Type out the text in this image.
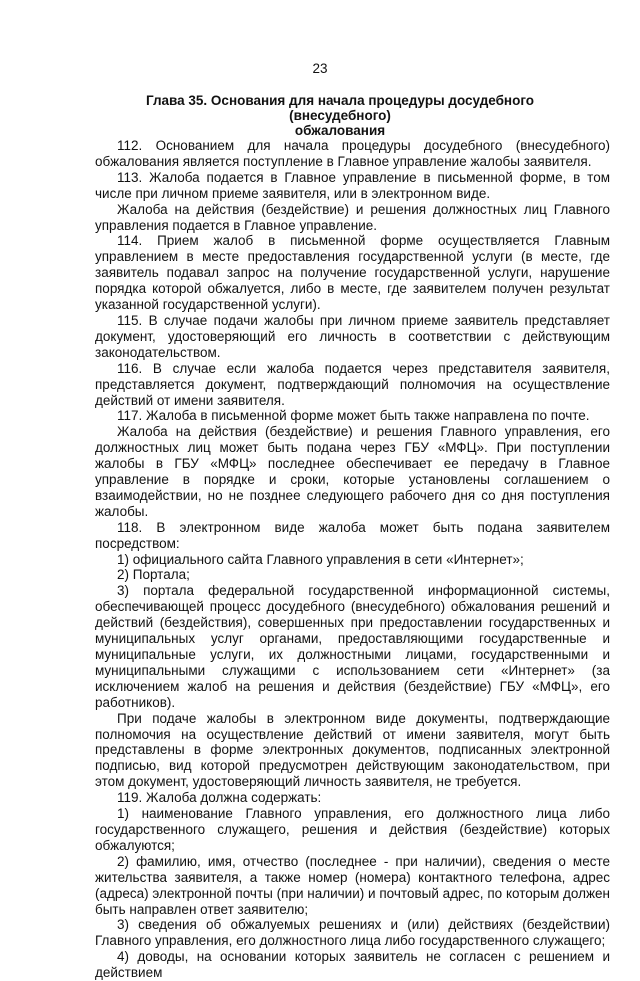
23
Глава 35. Основания для начала процедуры досудебного (внесудебного)
обжалования

112. Основанием для начала процедуры досудебного (внесудебного) обжалования является поступление в Главное управление жалобы заявителя.

113. Жалоба подается в Главное управление в письменной форме, в том числе при личном приеме заявителя, или в электронном виде.

Жалоба на действия (бездействие) и решения должностных лиц Главного управления подается в Главное управление.

114. Прием жалоб в письменной форме осуществляется Главным управлением в месте предоставления государственной услуги (в месте, где заявитель подавал запрос на получение государственной услуги, нарушение порядка которой обжалуется, либо в месте, где заявителем получен результат указанной государственной услуги).

115. В случае подачи жалобы при личном приеме заявитель представляет документ, удостоверяющий его личность в соответствии с действующим законодательством.

116. В случае если жалоба подается через представителя заявителя, представляется документ, подтверждающий полномочия на осуществление действий от имени заявителя.

117. Жалоба в письменной форме может быть также направлена по почте.

Жалоба на действия (бездействие) и решения Главного управления, его должностных лиц может быть подана через ГБУ «МФЦ». При поступлении жалобы в ГБУ «МФЦ» последнее обеспечивает ее передачу в Главное управление в порядке и сроки, которые установлены соглашением о взаимодействии, но не позднее следующего рабочего дня со дня поступления жалобы.

118. В электронном виде жалоба может быть подана заявителем посредством:

1) официального сайта Главного управления в сети «Интернет»;

2) Портала;

3) портала федеральной государственной информационной системы, обеспечивающей процесс досудебного (внесудебного) обжалования решений и действий (бездействия), совершенных при предоставлении государственных и муниципальных услуг органами, предоставляющими государственные и муниципальные услуги, их должностными лицами, государственными и муниципальными служащими с использованием сети «Интернет» (за исключением жалоб на решения и действия (бездействие) ГБУ «МФЦ», его работников).

При подаче жалобы в электронном виде документы, подтверждающие полномочия на осуществление действий от имени заявителя, могут быть представлены в форме электронных документов, подписанных электронной подписью, вид которой предусмотрен действующим законодательством, при этом документ, удостоверяющий личность заявителя, не требуется.

119. Жалоба должна содержать:

1) наименование Главного управления, его должностного лица либо государственного служащего, решения и действия (бездействие) которых обжалуются;

2) фамилию, имя, отчество (последнее - при наличии), сведения о месте жительства заявителя, а также номер (номера) контактного телефона, адрес (адреса) электронной почты (при наличии) и почтовый адрес, по которым должен быть направлен ответ заявителю;

3) сведения об обжалуемых решениях и (или) действиях (бездействии) Главного управления, его должностного лица либо государственного служащего;

4) доводы, на основании которых заявитель не согласен с решением и действием
